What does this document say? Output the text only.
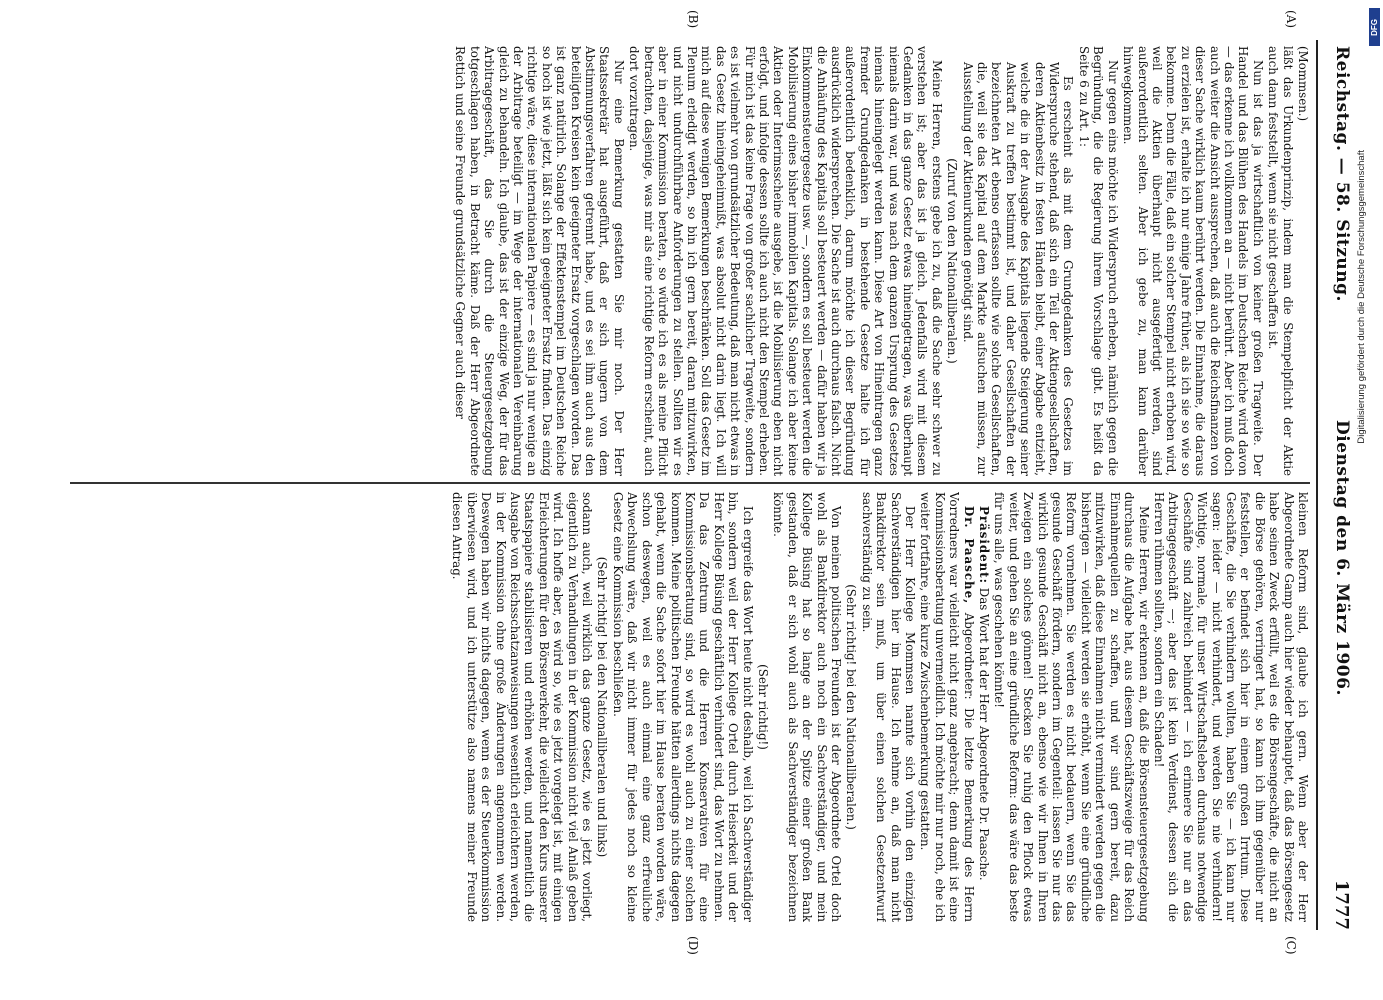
Reichstag. — 58. Sitzung.
Dienstag den 6. März 1906.
1777
(A)
(B)
(C)
(D)

(Mommsen.)

läßt das Urkundenprinzip, indem man die Stempelpflicht der Aktie auch dann feststellt, wenn sie nicht geschaffen ist.

Nun ist das ja wirtschaftlich von keiner großen Tragweite. Der Handel und das Blühen des Handels im Deutschen Reiche wird davon — das erkenne ich vollkommen an — nicht berührt. Aber ich muß doch auch weiter die Ansicht aussprechen, daß auch die Reichsfinanzen von dieser Sache wirklich kaum berührt werden. Die Einnahme, die daraus zu erzielen ist, erhalte ich nur einige Jahre früher, als ich sie so wie so bekomme. Denn die Fälle, daß ein solcher Stempel nicht erhoben wird, weil die Aktien überhaupt nicht ausgefertigt werden, sind außerordentlich selten. Aber ich gebe zu, man kann darüber hinwegkommen.

Nur gegen eins möchte ich Widerspruch erheben, nämlich gegen die Begründung, die die Regierung ihrem Vorschlage gibt. Es heißt da Seite 6 zu Art. 1:

Es erscheint als mit dem Grundgedanken des Gesetzes im Widerspruche stehend, daß sich ein Teil der Aktiengesellschaften, deren Aktienbesitz in festen Händen bleibt, einer Abgabe entzieht, welche die in der Ausgabe des Kapitals liegende Steigerung seiner Auskraft zu treffen bestimmt ist, und daher Gesellschaften der bezeichneten Art ebenso erfassen sollte wie solche Gesellschaften, die, weil sie das Kapital auf dem Markte aufsuchen müssen, zur Ausstellung der Aktienurkunden genötigt sind.

(Zuruf von den Nationalliberalen.)

Meine Herren, erstens gebe ich zu, daß die Sache sehr schwer zu verstehen ist; aber das ist ja gleich. Jedenfalls wird mit diesem Gedanken in das ganze Gesetz etwas hineingetragen, was überhaupt niemals darin war, und was nach dem ganzen Ursprung des Gesetzes niemals hineingelegt werden kann. Diese Art von Hineintragen ganz fremder Grundgedanken in bestehende Gesetze halte ich für außerordentlich bedenklich, darum möchte ich dieser Begründung ausdrücklich widersprechen. Die Sache ist auch durchaus falsch. Nicht die Anhäufung des Kapitals soll besteuert werden — dafür haben wir ja Einkommensteuergesetze usw. —, sondern es soll besteuert werden die Mobilisierung eines bisher immobilen Kapitals. Solange ich aber keine Aktien oder Interimsscheine ausgebe, ist die Mobilisierung eben nicht erfolgt, und infolge dessen sollte ich auch nicht den Stempel erheben. Für mich ist das keine Frage von großer sachlicher Tragweite, sondern es ist vielmehr von grundsätzlicher Bedeutung, daß man nicht etwas in das Gesetz hineingeheimnißt, was absolut nicht darin liegt. Ich will mich auf diese wenigen Bemerkungen beschränken. Soll das Gesetz im Plenum erledigt werden, so bin ich gern bereit, daran mitzuwirken, und nicht undurchführbare Anforderungen zu stellen. Sollten wir es aber in einer Kommission beraten, so würde ich es als meine Pflicht betrachten, dasjenige, was mir als eine richtige Reform erscheint, auch dort vorzutragen.

Nur eine Bemerkung gestatten Sie mir noch. Der Herr Staatssekretär hat ausgeführt, daß er sich ungern von dem Abstimmungsverfahren getrennt habe, und es sei ihm auch aus den beteiligten Kreisen kein geeigneter Ersatz vorgeschlagen worden. Das ist ganz natürlich. Solange der Effektenstempel im Deutschen Reiche so hoch ist wie jetzt, läßt sich kein geeigneter Ersatz finden. Das einzig richtige wäre, diese internationalen Papiere — es sind ja nur wenige an der Arbitrage beteiligt — im Wege der internationalen Vereinbarung gleich zu behandeln. Ich glaube, das ist der einzige Weg, der für das Arbitragegeschäft, das Sie durch die Steuergesetzgebung totgeschlagen haben, in Betracht käme. Daß der Herr Abgeordnete Rettich und seine Freunde grundsätzliche Gegner auch dieser

kleinen Reform sind, glaube ich gern. Wenn aber der Herr Abgeordnete Gamp auch hier wieder behauptet, daß das Börsengesetz habe seinen Zweck erfüllt, weil es die Börsengeschäfte, die nicht an die Börse gehören, verringert hat, so kann ich ihm gegenüber nur feststellen, er befindet sich hier in einem großen Irrtum. Diese Geschäfte, die Sie verhindern wollten, haben Sie — ich kann nur sagen: leider — nicht verhindert, und werden Sie nie verhindern! Wichtige, normale, für unser Wirtschaftsleben durchaus notwendige Geschäfte sind zahlreich behindert — ich erinnere Sie nur an das Arbitragegeschäft —; aber das ist kein Verdienst, dessen sich die Herren rühmen sollten, sondern ein Schaden!

Meine Herren, wir erkennen an, daß die Börsensteuergesetzgebung durchaus die Aufgabe hat, aus diesem Geschäftszweige für das Reich Einnahmequellen zu schaffen, und wir sind gern bereit, dazu mitzuwirken, daß diese Einnahmen nicht vermindert werden gegen die bisherigen — vielleicht werden sie erhöht, wenn Sie eine gründliche Reform vornehmen. Sie werden es nicht bedauern, wenn Sie das gesunde Geschäft fördern, sondern im Gegenteil: lassen Sie nur das wirklich gesunde Geschäft nicht an, ebenso wie wir Ihnen in Ihren Zweigen ein solches gönnen! Stecken Sie ruhig den Pflock etwas weiter, und gehen Sie an eine gründliche Reform: das wäre das beste für uns alle, was geschehen könnte!

Präsident: Das Wort hat der Herr Abgeordnete Dr. Paasche.

Dr. Paasche, Abgeordneter: Die letzte Bemerkung des Herrn Vorredners war vielleicht nicht ganz angebracht; denn damit ist eine Kommissionsberatung unvermeidlich. Ich möchte mir nur noch, ehe ich weiter fortfahre, eine kurze Zwischenbemerkung gestatten.

Der Herr Kollege Mommsen nannte sich vorhin den einzigen Sachverständigen hier im Hause. Ich nehme an, daß man nicht Bankdirektor sein muß, um über einen solchen Gesetzentwurf sachverständig zu sein.

(Sehr richtig! bei den Nationalliberalen.)

Von meinen politischen Freunden ist der Abgeordnete Ortel doch wohl als Bankdirektor auch noch ein Sachverständiger, und mein Kollege Büsing hat so lange an der Spitze einer großen Bank gestanden, daß er sich wohl auch als Sachverständiger bezeichnen könnte.

(Sehr richtig!)

Ich ergreife das Wort heute nicht deshalb, weil ich Sachverständiger bin, sondern weil der Herr Kollege Ortel durch Heiserkeit und der Herr Kollege Büsing geschäftlich verhindert sind, das Wort zu nehmen. Da das Zentrum und die Herren Konservativen für eine Kommissionsberatung sind, so wird es wohl auch zu einer solchen kommen. Meine politischen Freunde hätten allerdings nichts dagegen gehabt, wenn die Sache sofort hier im Hause beraten worden wäre, schon deswegen, weil es auch einmal eine ganz erfreuliche Abwechslung wäre, daß wir nicht immer für jedes noch so kleine Gesetz eine Kommission beschließen.

(Sehr richtig! bei den Nationalliberalen und links)

sodann auch, weil wirklich das ganze Gesetz, wie es jetzt vorliegt, eigentlich zu Verhandlungen in der Kommission nicht viel Anlaß geben wird. Ich hoffe aber, es wird so, wie es jetzt vorgelegt ist, mit einigen Erleichterungen für den Börsenverkehr, die vielleicht den Kurs unserer Staatspapiere stabilisieren und erhöhen werden, und namentlich die Ausgabe von Reichsschatzanweisungen wesentlich erleichtern werden, in der Kommission ohne große Änderungen angenommen werden. Deswegen haben wir nichts dagegen, wenn es der Steuerkommission überwiesen wird, und ich unterstütze also namens meiner Freunde diesen Antrag.

DFG
Digitalisierung gefördert durch die Deutsche Forschungsgemeinschaft
